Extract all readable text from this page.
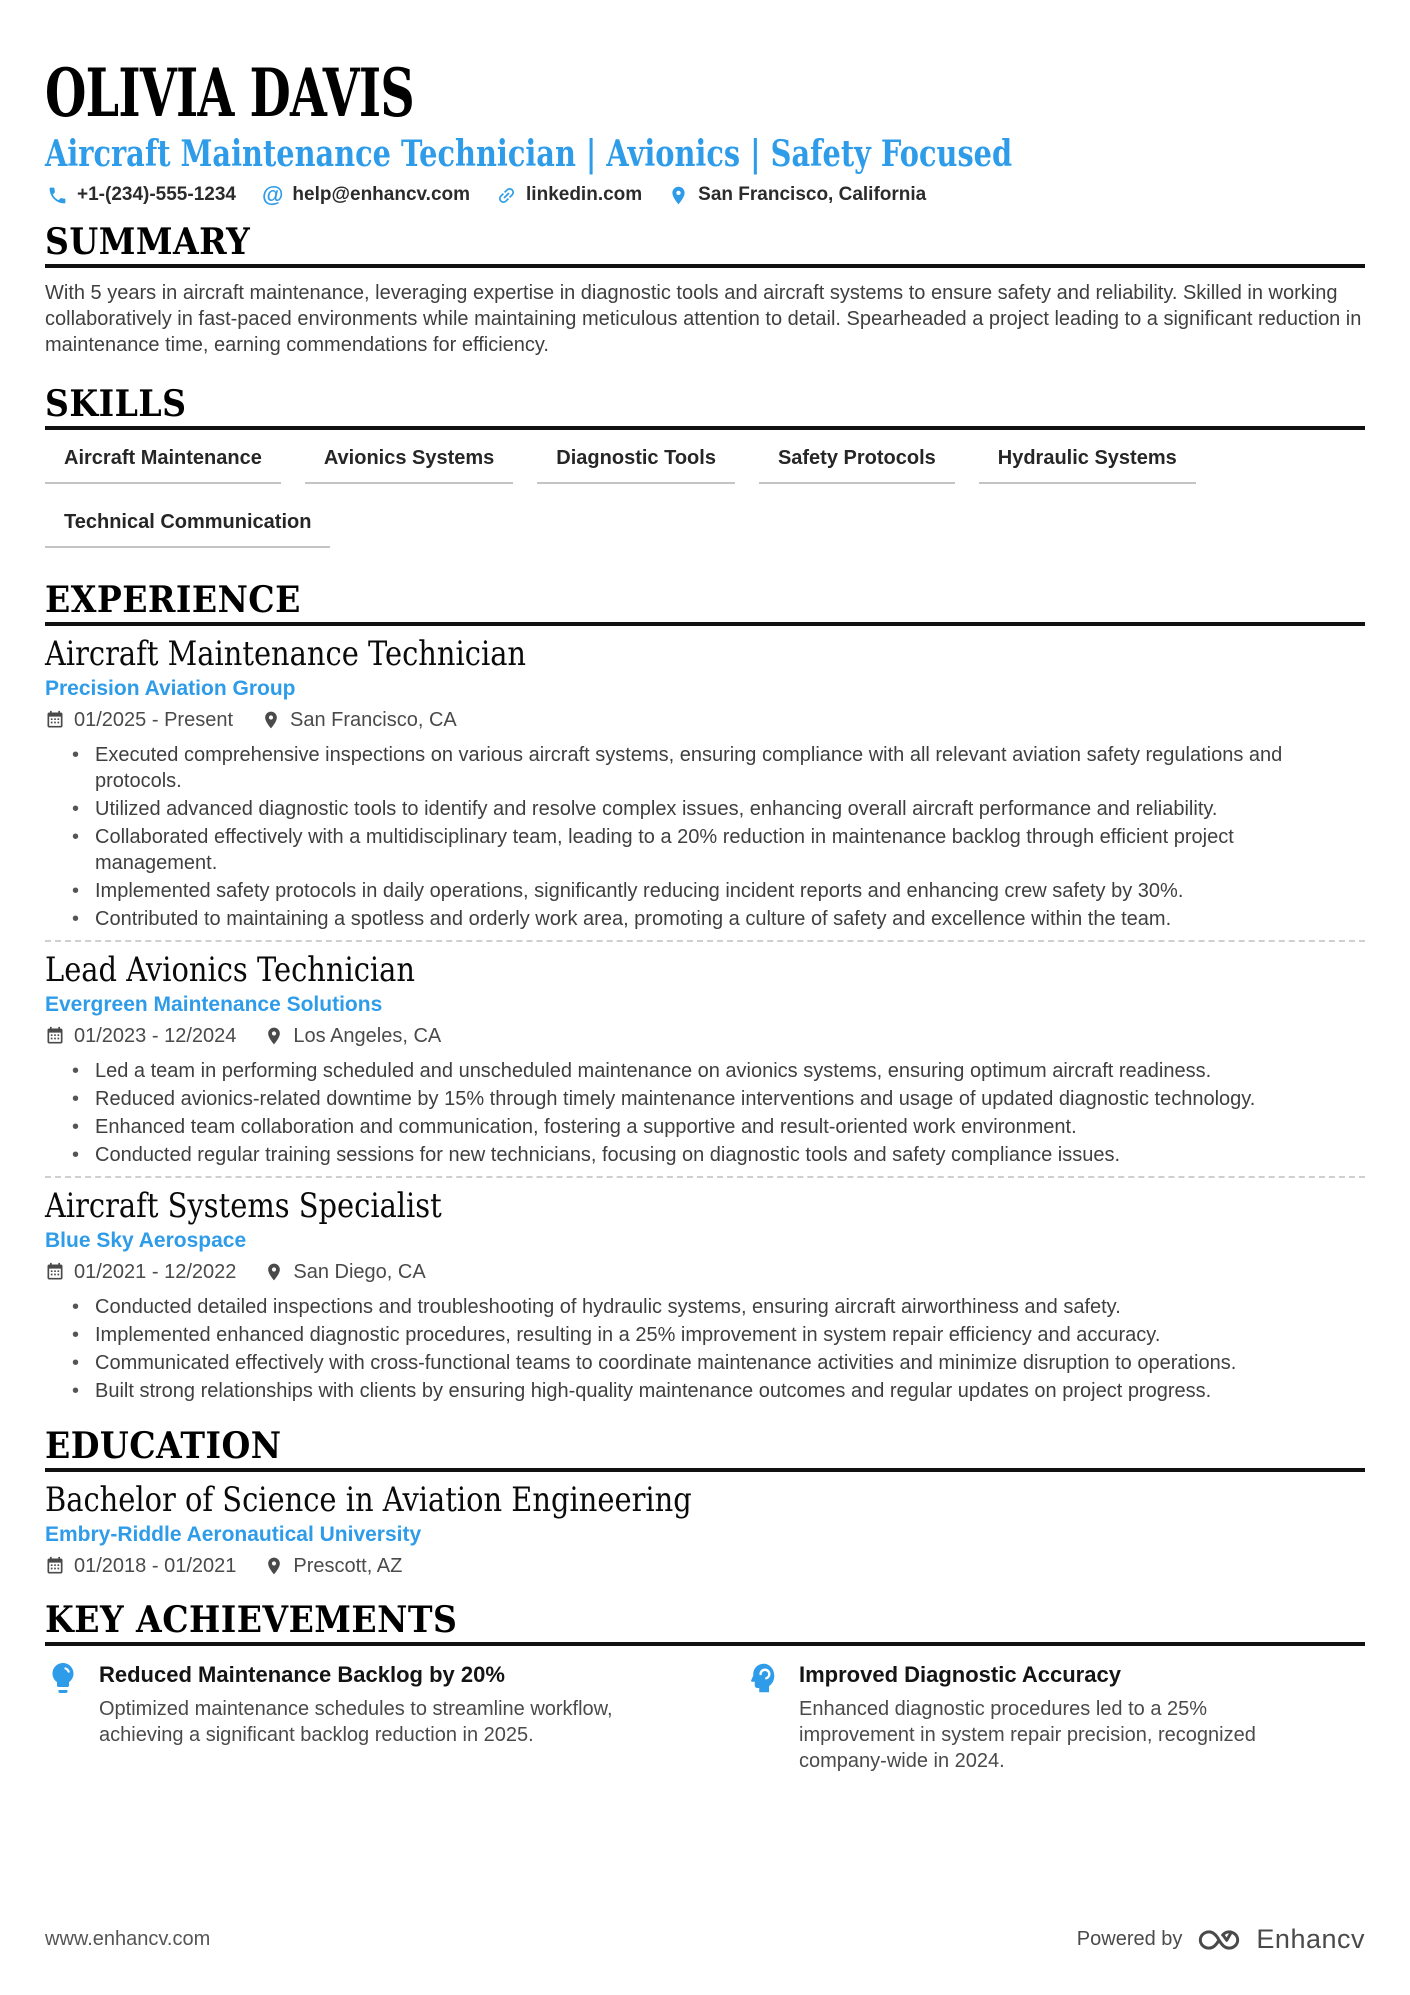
OLIVIA DAVIS
Aircraft Maintenance Technician | Avionics | Safety Focused
+1-(234)-555-1234 @ help@enhancv.com	linkedin.com	San Francisco, California
SUMMARY

With 5 years in aircraft maintenance, leveraging expertise in diagnostic tools and aircraft systems to ensure safety and reliability. Skilled in working collaboratively in fast-paced environments while maintaining meticulous attention to detail. Spearheaded a project leading to a significant reduction in maintenance time, earning commendations for efficiency.

SKILLS
Aircraft Maintenance	Avionics Systems	Diagnostic Tools	Safety Protocols	Hydraulic Systems
Technical Communication
EXPERIENCE
Aircraft Maintenance Technician
Precision Aviation Group
01/2025 - Present	San Francisco, CA
• Executed comprehensive inspections on various aircraft systems, ensuring compliance with all relevant aviation safety regulations and protocols.
• Utilized advanced diagnostic tools to identify and resolve complex issues, enhancing overall aircraft performance and reliability.
• Collaborated effectively with a multidisciplinary team, leading to a 20% reduction in maintenance backlog through efficient project management.
• Implemented safety protocols in daily operations, significantly reducing incident reports and enhancing crew safety by 30%.
• Contributed to maintaining a spotless and orderly work area, promoting a culture of safety and excellence within the team.
Lead Avionics Technician
Evergreen Maintenance Solutions
01/2023 - 12/2024	Los Angeles, CA
• Led a team in performing scheduled and unscheduled maintenance on avionics systems, ensuring optimum aircraft readiness.
• Reduced avionics-related downtime by 15% through timely maintenance interventions and usage of updated diagnostic technology.
• Enhanced team collaboration and communication, fostering a supportive and result-oriented work environment.
• Conducted regular training sessions for new technicians, focusing on diagnostic tools and safety compliance issues.
Aircraft Systems Specialist
Blue Sky Aerospace
01/2021 - 12/2022	San Diego, CA
• Conducted detailed inspections and troubleshooting of hydraulic systems, ensuring aircraft airworthiness and safety.
• Implemented enhanced diagnostic procedures, resulting in a 25% improvement in system repair efficiency and accuracy.
• Communicated effectively with cross-functional teams to coordinate maintenance activities and minimize disruption to operations.
• Built strong relationships with clients by ensuring high-quality maintenance outcomes and regular updates on project progress.
EDUCATION
Bachelor of Science in Aviation Engineering
Embry-Riddle Aeronautical University
01/2018 - 01/2021	Prescott, AZ
KEY ACHIEVEMENTS
Reduced Maintenance Backlog by 20%

Optimized maintenance schedules to streamline workflow, achieving a significant backlog reduction in 2025.

Improved Diagnostic Accuracy

Enhanced diagnostic procedures led to a 25% improvement in system repair precision, recognized company-wide in 2024.

www.enhancv.com	Powered by	Enhancv
